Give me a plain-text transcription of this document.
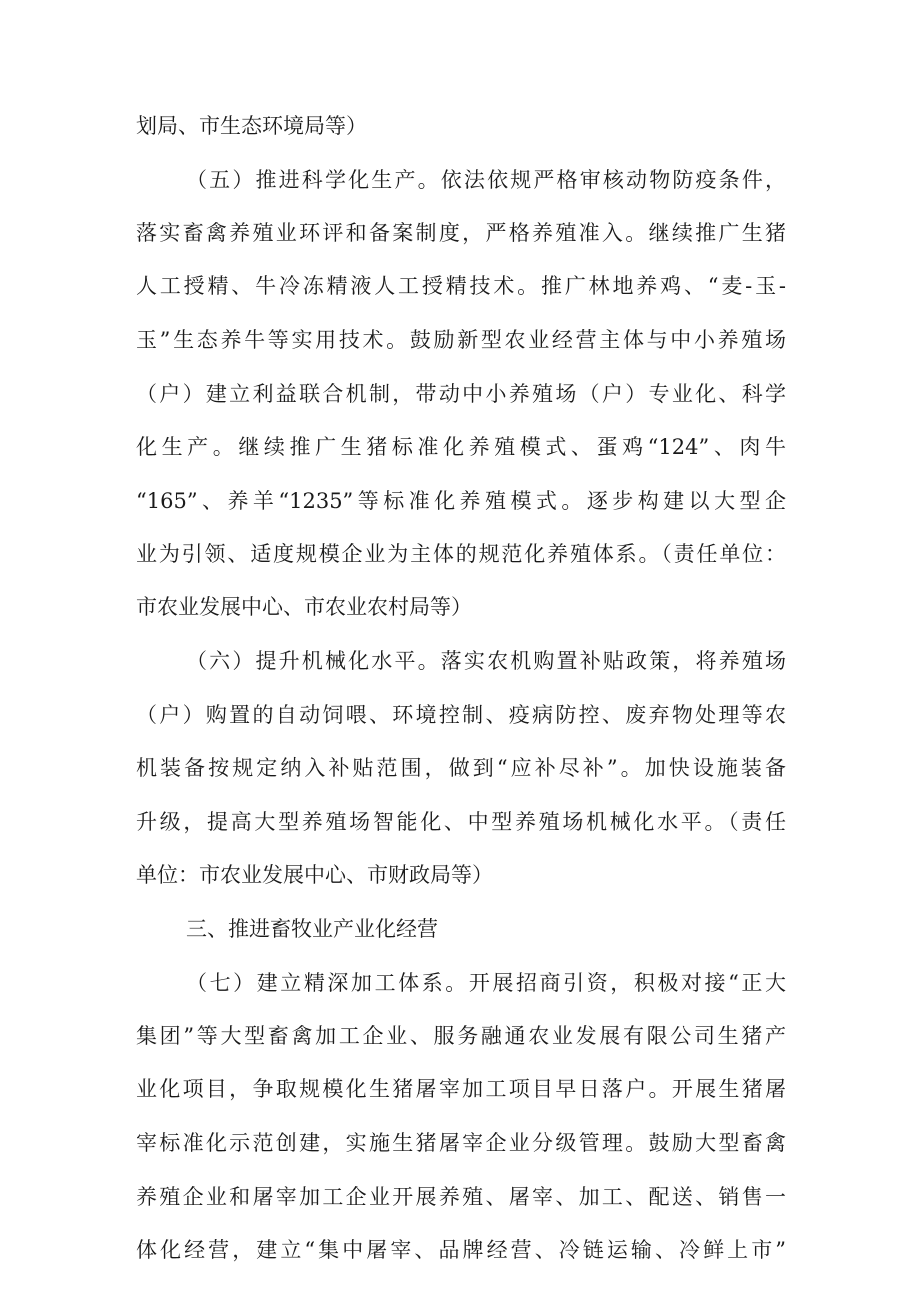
划局、市生态环境局等）
（五）推进科学化生产。依法依规严格审核动物防疫条件，
落实畜禽养殖业环评和备案制度，严格养殖准入。继续推广生猪
人工授精、牛冷冻精液人工授精技术。推广林地养鸡、“麦-玉-
玉”生态养牛等实用技术。鼓励新型农业经营主体与中小养殖场
（户）建立利益联合机制，带动中小养殖场（户）专业化、科学
化生产。继续推广生猪标准化养殖模式、蛋鸡“124”、肉牛
“165”、养羊“1235”等标准化养殖模式。逐步构建以大型企
业为引领、适度规模企业为主体的规范化养殖体系。（责任单位：
市农业发展中心、市农业农村局等）
（六）提升机械化水平。落实农机购置补贴政策，将养殖场
（户）购置的自动饲喂、环境控制、疫病防控、废弃物处理等农
机装备按规定纳入补贴范围，做到“应补尽补”。加快设施装备
升级，提高大型养殖场智能化、中型养殖场机械化水平。（责任
单位：市农业发展中心、市财政局等）
三、推进畜牧业产业化经营
（七）建立精深加工体系。开展招商引资，积极对接“正大
集团”等大型畜禽加工企业、服务融通农业发展有限公司生猪产
业化项目，争取规模化生猪屠宰加工项目早日落户。开展生猪屠
宰标准化示范创建，实施生猪屠宰企业分级管理。鼓励大型畜禽
养殖企业和屠宰加工企业开展养殖、屠宰、加工、配送、销售一
体化经营，建立“集中屠宰、品牌经营、冷链运输、冷鲜上市”
